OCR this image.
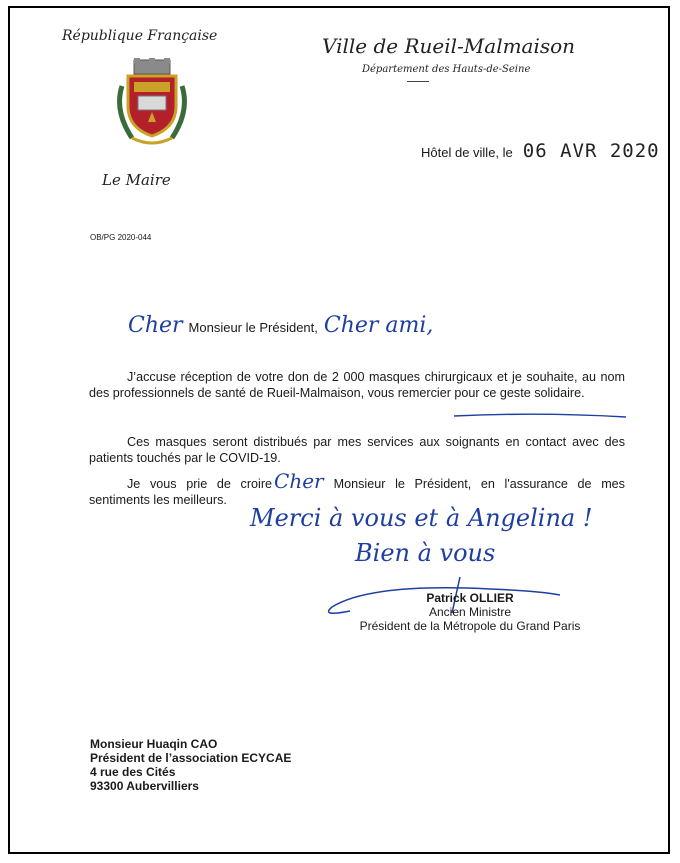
République Française	Ville de Rueil-Malmaison
Département des Hauts-de-Seine
Hôtel de ville, le 06 AVR 2020
Le Maire
OB/PG 2020-044
Cher Monsieur le Président, Cher ami,

J’accuse réception de votre don de 2 000 masques chirurgicaux et je souhaite, au nom des professionnels de santé de Rueil-Malmaison, vous remercier pour ce geste solidaire.

Ces masques seront distribués par mes services aux soignants en contact avec des patients touchés par le COVID-19.

Je vous prie de croire Cher Monsieur le Président, en l'assurance de mes sentiments les meilleurs.

Merci à vous et à Angelina !
Bien à vous
Patrick OLLIER
Ancien Ministre
Président de la Métropole du Grand Paris
Monsieur Huaqin CAO
Président de l’association ECYCAE
4 rue des Cités
93300 Aubervilliers
